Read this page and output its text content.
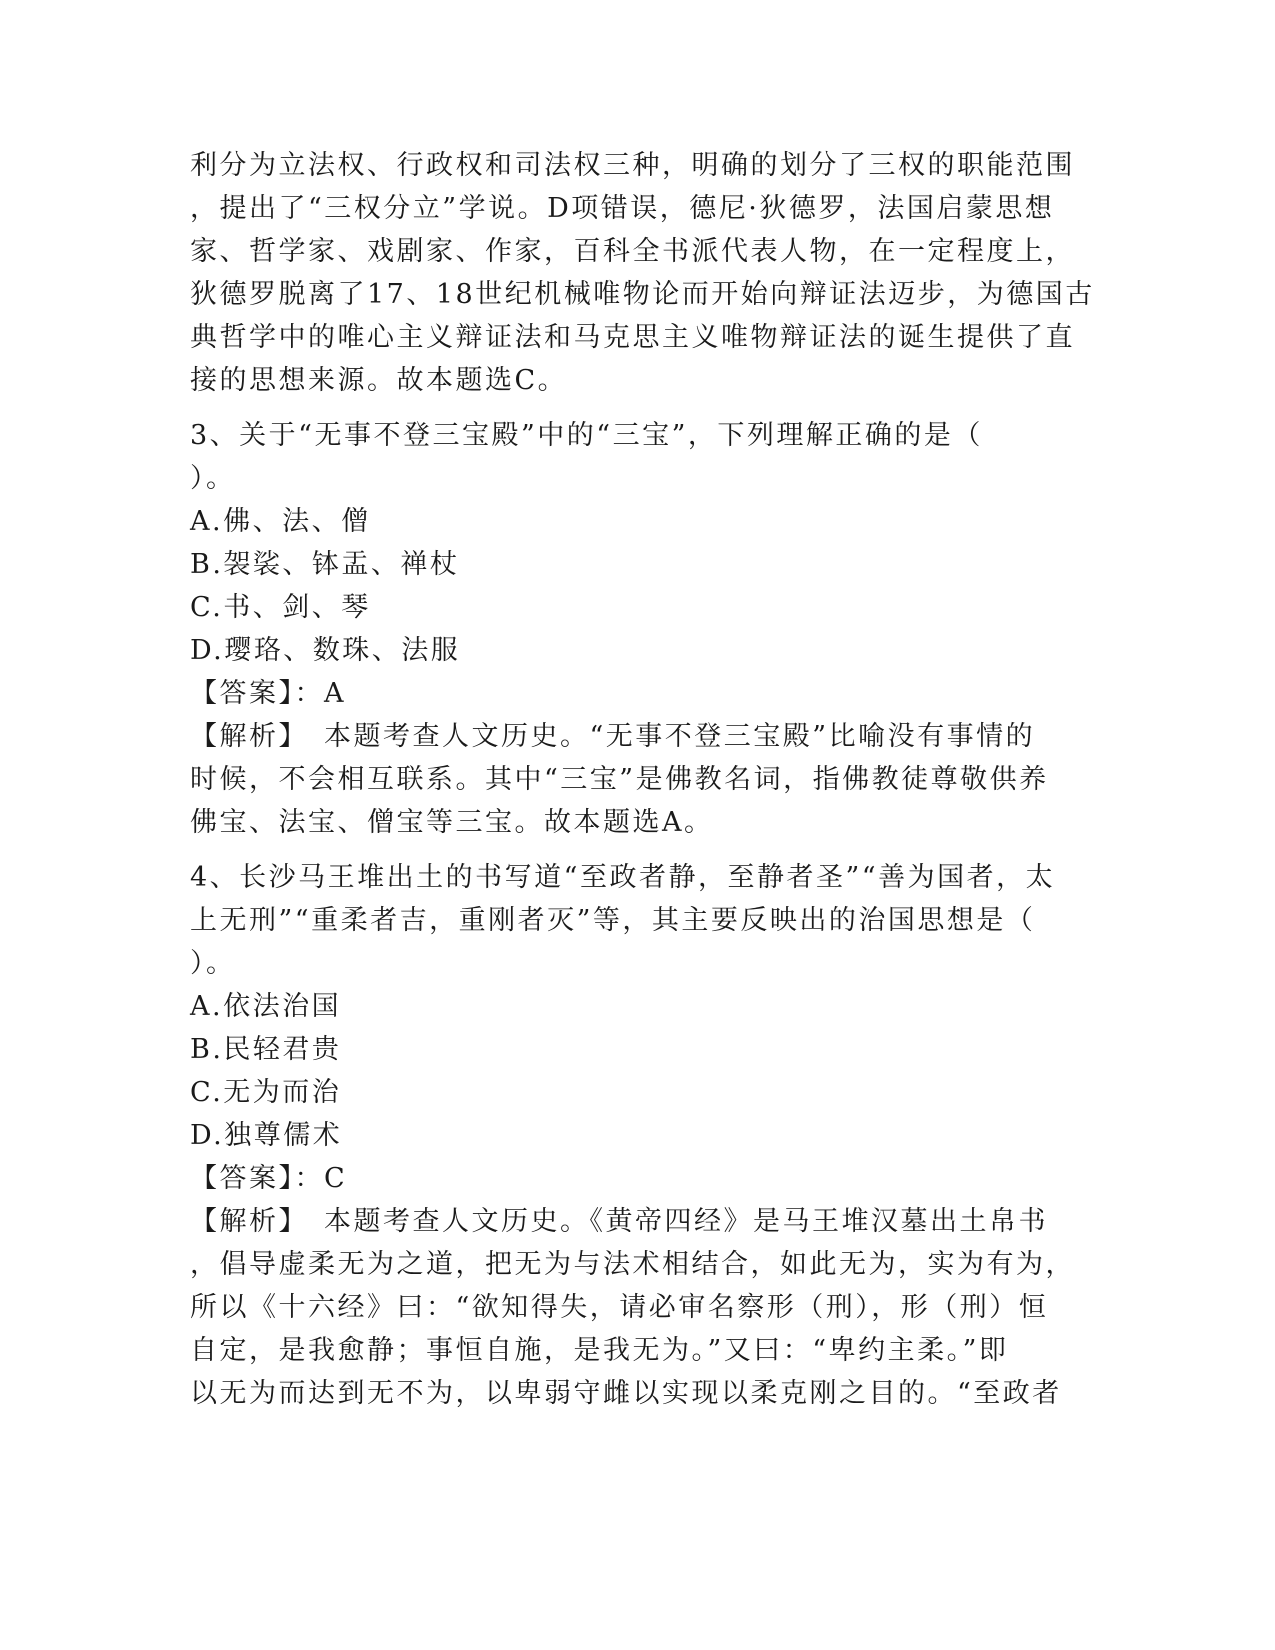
利分为立法权、行政权和司法权三种，明确的划分了三权的职能范围
，提出了“三权分立”学说。D项错误，德尼·狄德罗，法国启蒙思想
家、哲学家、戏剧家、作家，百科全书派代表人物，在一定程度上，
狄德罗脱离了17、18世纪机械唯物论而开始向辩证法迈步，为德国古
典哲学中的唯心主义辩证法和马克思主义唯物辩证法的诞生提供了直
接的思想来源。故本题选C。
3、关于“无事不登三宝殿”中的“三宝”，下列理解正确的是（
）。
A.佛、法、僧
B.袈裟、钵盂、禅杖
C.书、剑、琴
D.璎珞、数珠、法服
【答案】：A
【解析】　本题考查人文历史。“无事不登三宝殿”比喻没有事情的
时候，不会相互联系。其中“三宝”是佛教名词，指佛教徒尊敬供养
佛宝、法宝、僧宝等三宝。故本题选A。
4、长沙马王堆出土的书写道“至政者静，至静者圣”“善为国者，太
上无刑”“重柔者吉，重刚者灭”等，其主要反映出的治国思想是（
）。
A.依法治国
B.民轻君贵
C.无为而治
D.独尊儒术
【答案】：C
【解析】　本题考查人文历史。《黄帝四经》是马王堆汉墓出土帛书
，倡导虚柔无为之道，把无为与法术相结合，如此无为，实为有为，
所以《十六经》曰：“欲知得失，请必审名察形（刑），形（刑）恒
自定，是我愈静；事恒自施，是我无为。”又曰：“卑约主柔。”即
以无为而达到无不为，以卑弱守雌以实现以柔克刚之目的。“至政者
